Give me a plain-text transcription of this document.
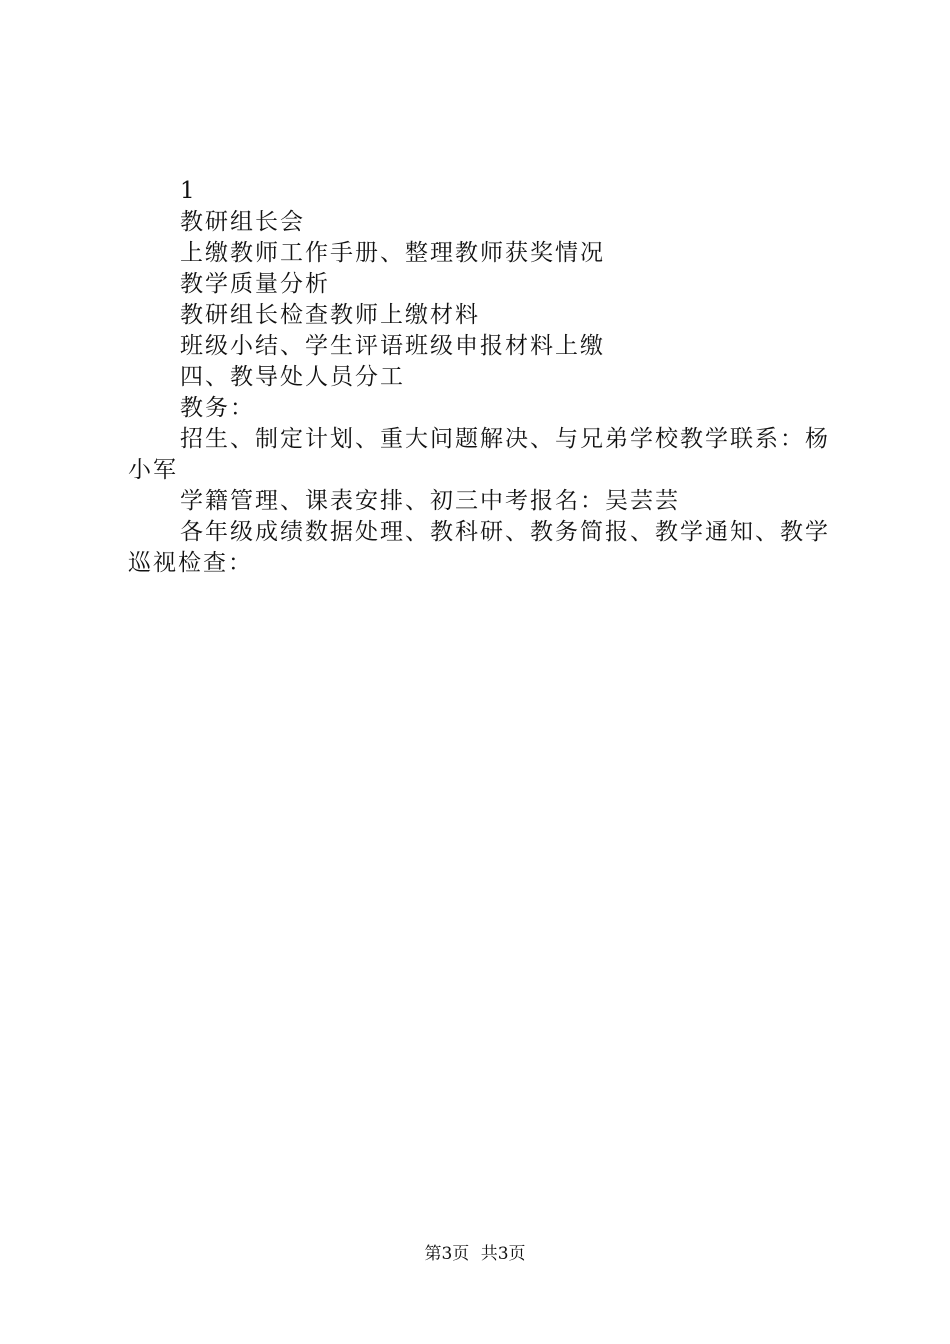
1
教研组长会
上缴教师工作手册、整理教师获奖情况
教学质量分析
教研组长检查教师上缴材料
班级小结、学生评语班级申报材料上缴
四、教导处人员分工
教务：
招生、制定计划、重大问题解决、与兄弟学校教学联系：杨小军
学籍管理、课表安排、初三中考报名：吴芸芸
各年级成绩数据处理、教科研、教务简报、教学通知、教学巡视检查：
第3页 共3页
